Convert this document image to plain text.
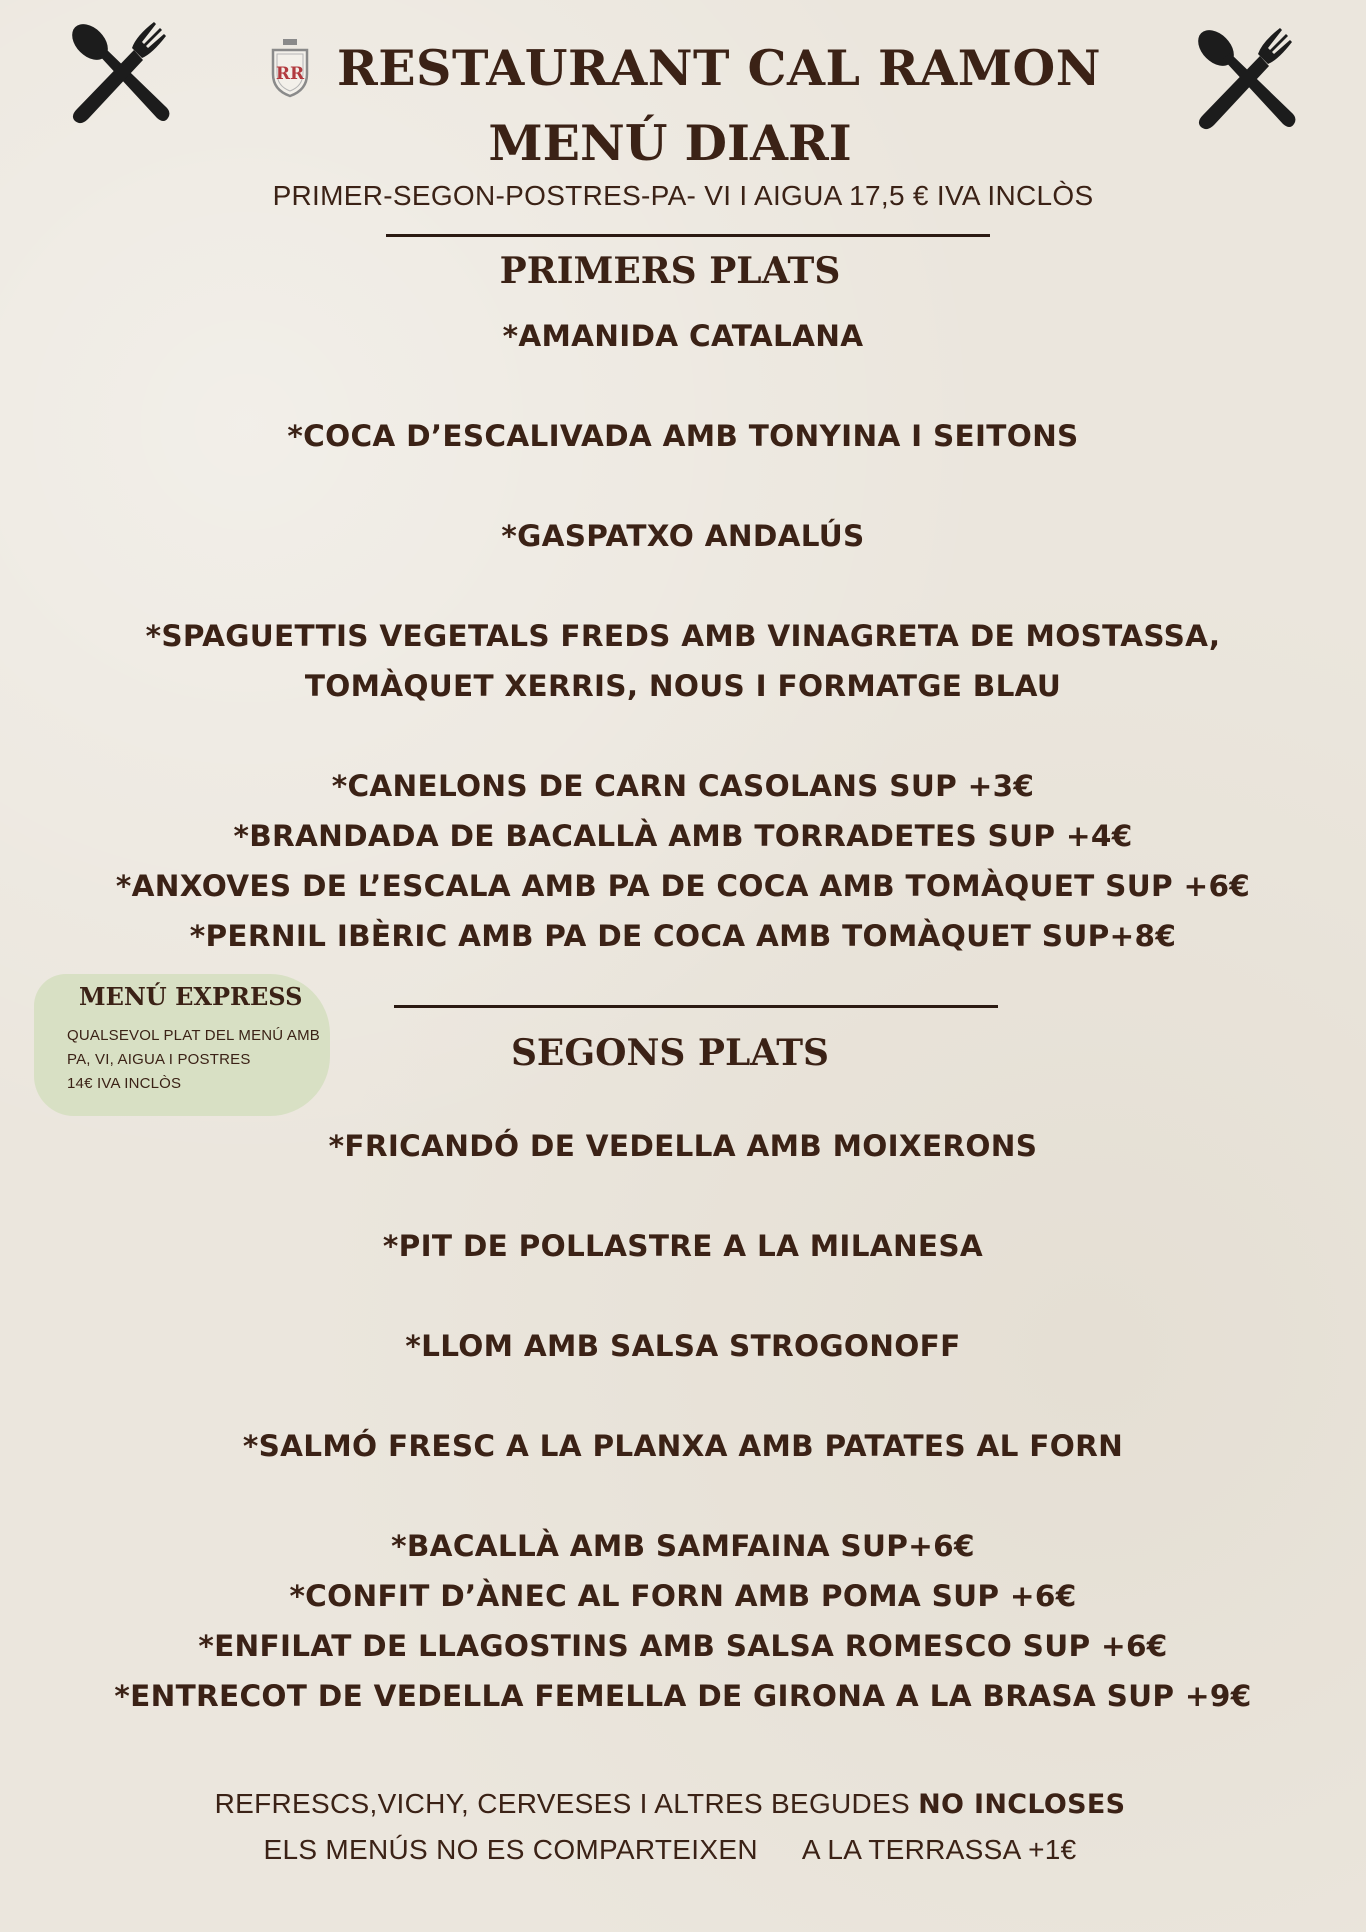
RR RESTAURANT CAL RAMON
MENÚ DIARI
PRIMER-SEGON-POSTRES-PA- VI I AIGUA 17,5 € IVA INCLÒS
PRIMERS PLATS
*AMANIDA CATALANA
*COCA D’ESCALIVADA AMB TONYINA I SEITONS
*GASPATXO ANDALÚS
*SPAGUETTIS VEGETALS FREDS AMB VINAGRETA DE MOSTASSA,
TOMÀQUET XERRIS, NOUS I FORMATGE BLAU
*CANELONS DE CARN CASOLANS SUP +3€
*BRANDADA DE BACALLÀ AMB TORRADETES SUP +4€
*ANXOVES DE L’ESCALA AMB PA DE COCA AMB TOMÀQUET SUP +6€
*PERNIL IBÈRIC AMB PA DE COCA AMB TOMÀQUET SUP+8€
MENÚ EXPRESS
QUALSEVOL PLAT DEL MENÚ AMB
PA, VI, AIGUA I POSTRES
14€ IVA INCLÒS
SEGONS PLATS
*FRICANDÓ DE VEDELLA AMB MOIXERONS
*PIT DE POLLASTRE A LA MILANESA
*LLOM AMB SALSA STROGONOFF
*SALMÓ FRESC A LA PLANXA AMB PATATES AL FORN
*BACALLÀ AMB SAMFAINA SUP+6€
*CONFIT D’ÀNEC AL FORN AMB POMA SUP +6€
*ENFILAT DE LLAGOSTINS AMB SALSA ROMESCO SUP +6€
*ENTRECOT DE VEDELLA FEMELLA DE GIRONA A LA BRASA SUP +9€
REFRESCS,VICHY, CERVESES I ALTRES BEGUDES NO INCLOSES
ELS MENÚS NO ES COMPARTEIXEN A LA TERRASSA +1€
